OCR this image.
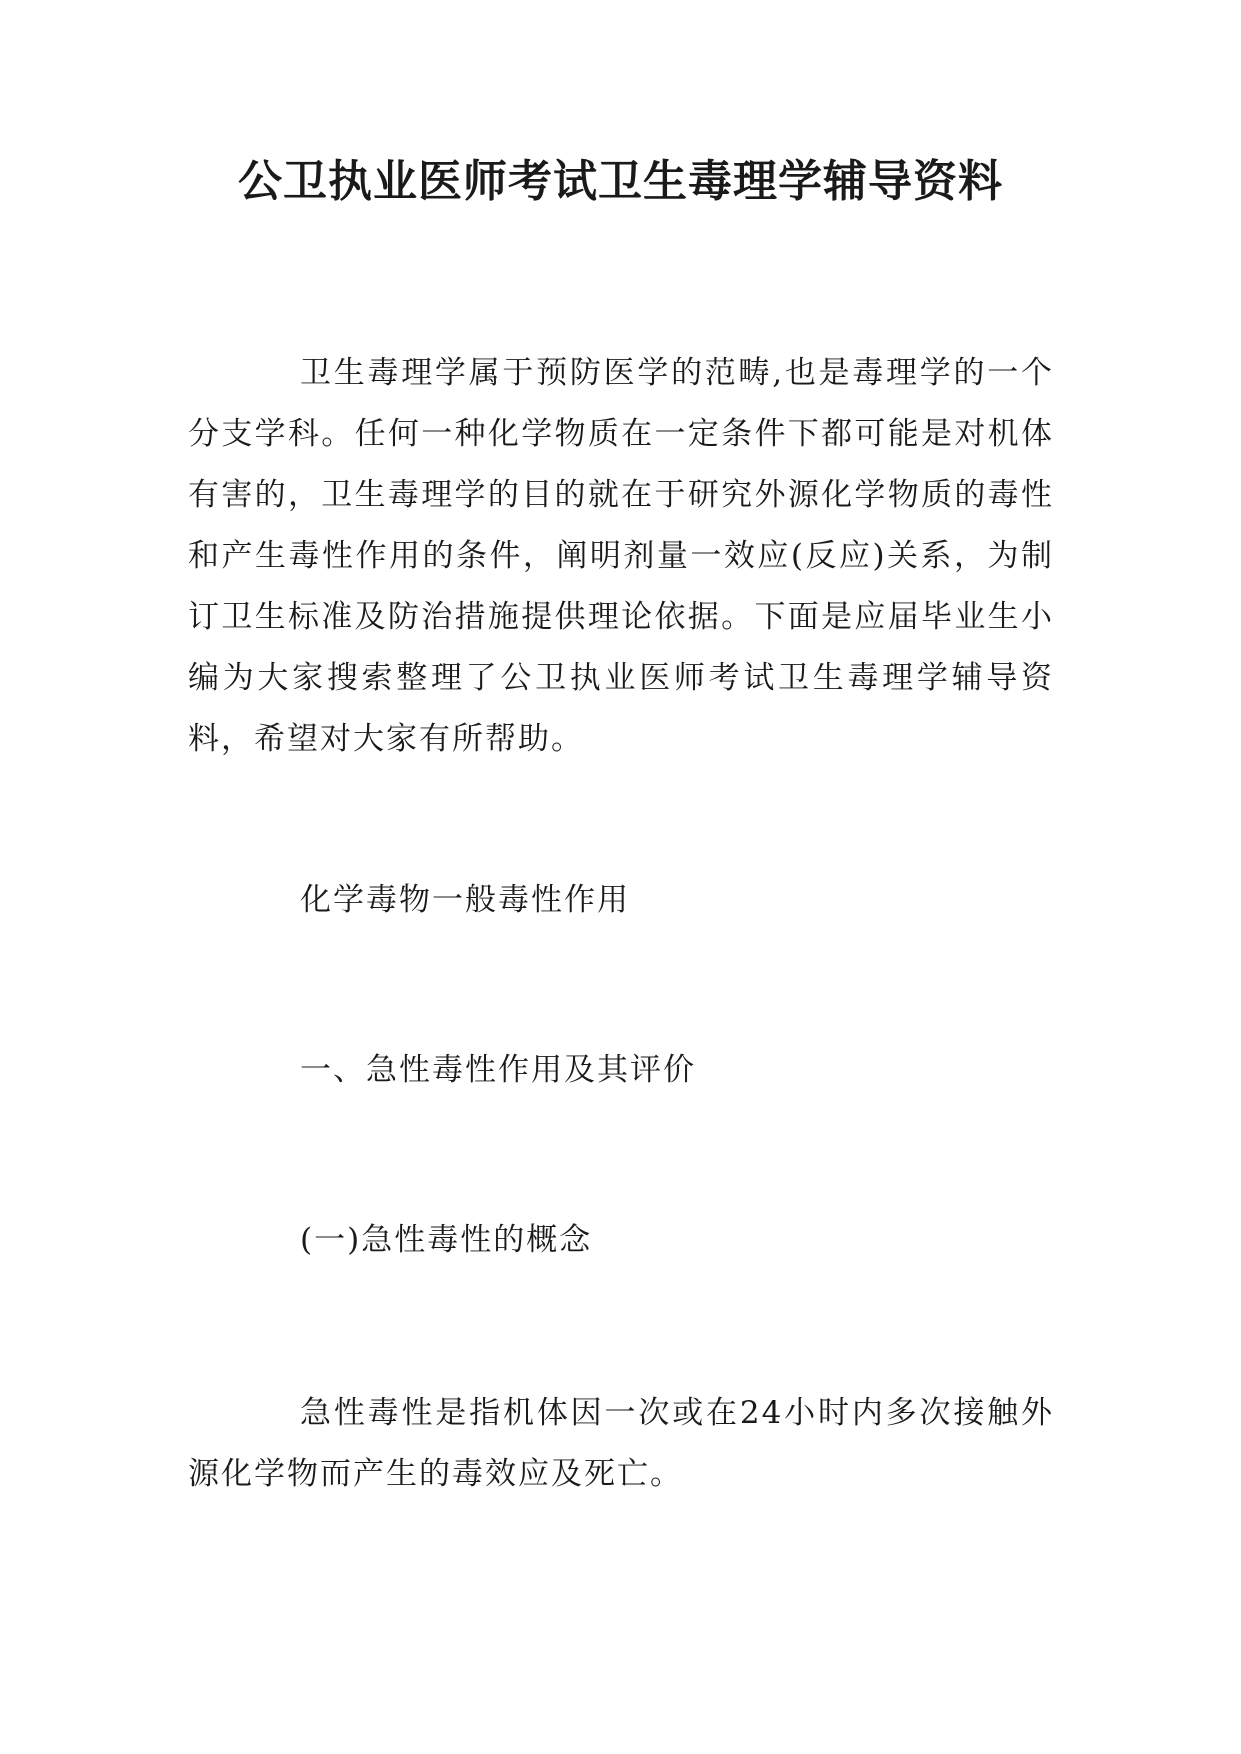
公卫执业医师考试卫生毒理学辅导资料

卫生毒理学属于预防医学的范畴,也是毒理学的一个分支学科。任何一种化学物质在一定条件下都可能是对机体有害的，卫生毒理学的目的就在于研究外源化学物质的毒性和产生毒性作用的条件，阐明剂量一效应(反应)关系，为制订卫生标准及防治措施提供理论依据。下面是应届毕业生小编为大家搜索整理了公卫执业医师考试卫生毒理学辅导资料，希望对大家有所帮助。

化学毒物一般毒性作用

一、急性毒性作用及其评价

(一)急性毒性的概念

急性毒性是指机体因一次或在24小时内多次接触外源化学物而产生的毒效应及死亡。
